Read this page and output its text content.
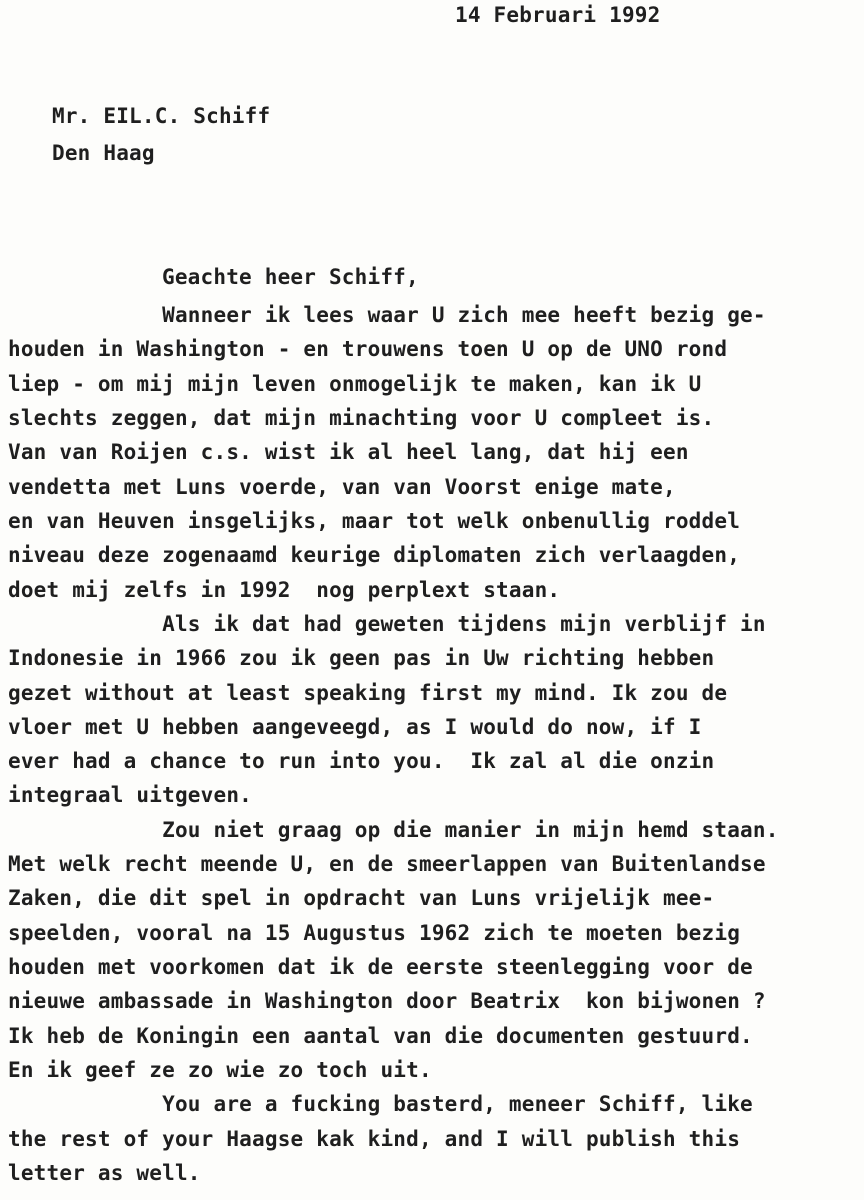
14 Februari 1992
Mr. EIL.C. Schiff
Den Haag
Geachte heer Schiff,
Wanneer ik lees waar U zich mee heeft bezig ge-
houden in Washington - en trouwens toen U op de UNO rond
liep - om mij mijn leven onmogelijk te maken, kan ik U
slechts zeggen, dat mijn minachting voor U compleet is.
Van van Roijen c.s. wist ik al heel lang, dat hij een
vendetta met Luns voerde, van van Voorst enige mate,
en van Heuven insgelijks, maar tot welk onbenullig roddel
niveau deze zogenaamd keurige diplomaten zich verlaagden,
doet mij zelfs in 1992  nog perplext staan.
Als ik dat had geweten tijdens mijn verblijf in
Indonesie in 1966 zou ik geen pas in Uw richting hebben
gezet without at least speaking first my mind. Ik zou de
vloer met U hebben aangeveegd, as I would do now, if I
ever had a chance to run into you.  Ik zal al die onzin
integraal uitgeven.
Zou niet graag op die manier in mijn hemd staan.
Met welk recht meende U, en de smeerlappen van Buitenlandse
Zaken, die dit spel in opdracht van Luns vrijelijk mee-
speelden, vooral na 15 Augustus 1962 zich te moeten bezig
houden met voorkomen dat ik de eerste steenlegging voor de
nieuwe ambassade in Washington door Beatrix  kon bijwonen ?
Ik heb de Koningin een aantal van die documenten gestuurd.
En ik geef ze zo wie zo toch uit.
You are a fucking basterd, meneer Schiff, like
the rest of your Haagse kak kind, and I will publish this
letter as well.
